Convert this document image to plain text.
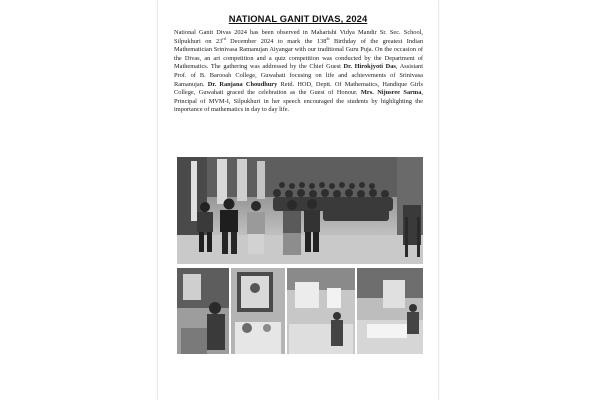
NATIONAL GANIT DIVAS, 2024
National Ganit Divas 2024 has been observed in Maharishi Vidya Mandir Sr. Sec. School, Silpukhuri on 23rd December 2024 to mark the 138th Birthday of the greatest Indian Mathematician Srinivasa Ramanujan Aiyangar with our traditional Guru Puja. On the occasion of the Divas, an art competition and a quiz competition was conducted by the Department of Mathematics. The gathering was addressed by the Chief Guest Dr. Hirokjyoti Das, Assistant Prof. of B. Barooah College, Guwahati focusing on life and achievements of Srinivasa Ramanujan. Dr. Ranjana Choudhury Retd. HOD, Deptt. Of Mathematics, Handique Girls College, Guwahati graced the celebration as the Guest of Honour. Mrs. Nijusree Sarma, Principal of MVM-I, Silpukhuri in her speech encouraged the students by highlighting the importance of mathematics in day to day life.
